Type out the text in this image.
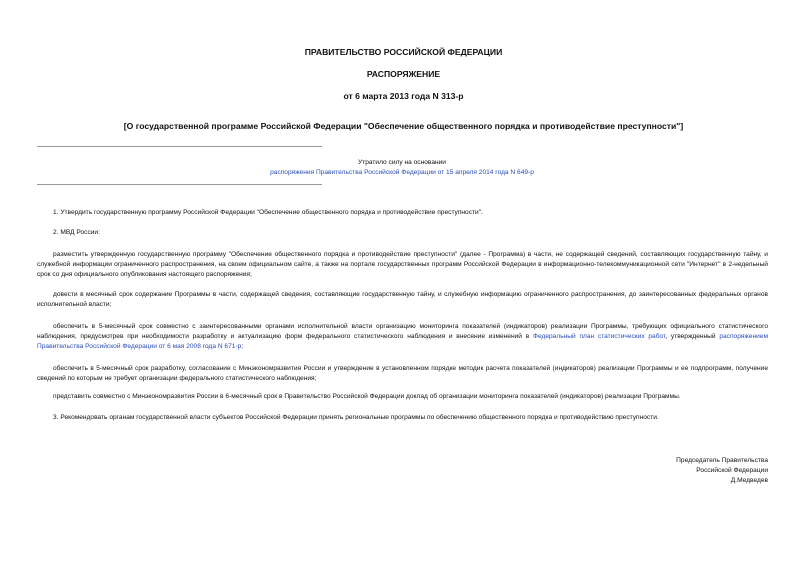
ПРАВИТЕЛЬСТВО РОССИЙСКОЙ ФЕДЕРАЦИИ
РАСПОРЯЖЕНИЕ
от 6 марта 2013 года N 313-р
[О государственной программе Российской Федерации "Обеспечение общественного порядка и противодействие преступности"]
Утратило силу на основании
распоряжения Правительства Российской Федерации от 15 апреля 2014 года N 649-р

1. Утвердить государственную программу Российской Федерации "Обеспечение общественного порядка и противодействие преступности".

2. МВД России:

разместить утвержденную государственную программу "Обеспечение общественного порядка и противодействие преступности" (далее - Программа) в части, не содержащей сведений, составляющих государственную тайну, и служебной информации ограниченного распространения, на своем официальном сайте, а также на портале государственных программ Российской Федерации в информационно-телекоммуникационной сети "Интернет" в 2-недельный срок со дня официального опубликования настоящего распоряжения;

довести в месячный срок содержание Программы в части, содержащей сведения, составляющие государственную тайну, и служебную информацию ограниченного распространения, до заинтересованных федеральных органов исполнительной власти;

обеспечить в 5-месячный срок совместно с заинтересованными органами исполнительной власти организацию мониторинга показателей (индикаторов) реализации Программы, требующих официального статистического наблюдения, предусмотрев при необходимости разработку и актуализацию форм федерального статистического наблюдения и внесение изменений в Федеральный план статистических работ, утвержденный распоряжением Правительства Российской Федерации от 6 мая 2008 года N 671-р;

обеспечить в 5-месячный срок разработку, согласование с Минэкономразвития России и утверждение в установленном порядке методик расчета показателей (индикаторов) реализации Программы и ее подпрограмм, получение сведений по которым не требует организации федерального статистического наблюдения;

представить совместно с Минэкономразвития России в 6-месячный срок в Правительство Российской Федерации доклад об организации мониторинга показателей (индикаторов) реализации Программы.

3. Рекомендовать органам государственной власти субъектов Российской Федерации принять региональные программы по обеспечению общественного порядка и противодействию преступности.

Председатель Правительства
Российской Федерации
Д.Медведев
